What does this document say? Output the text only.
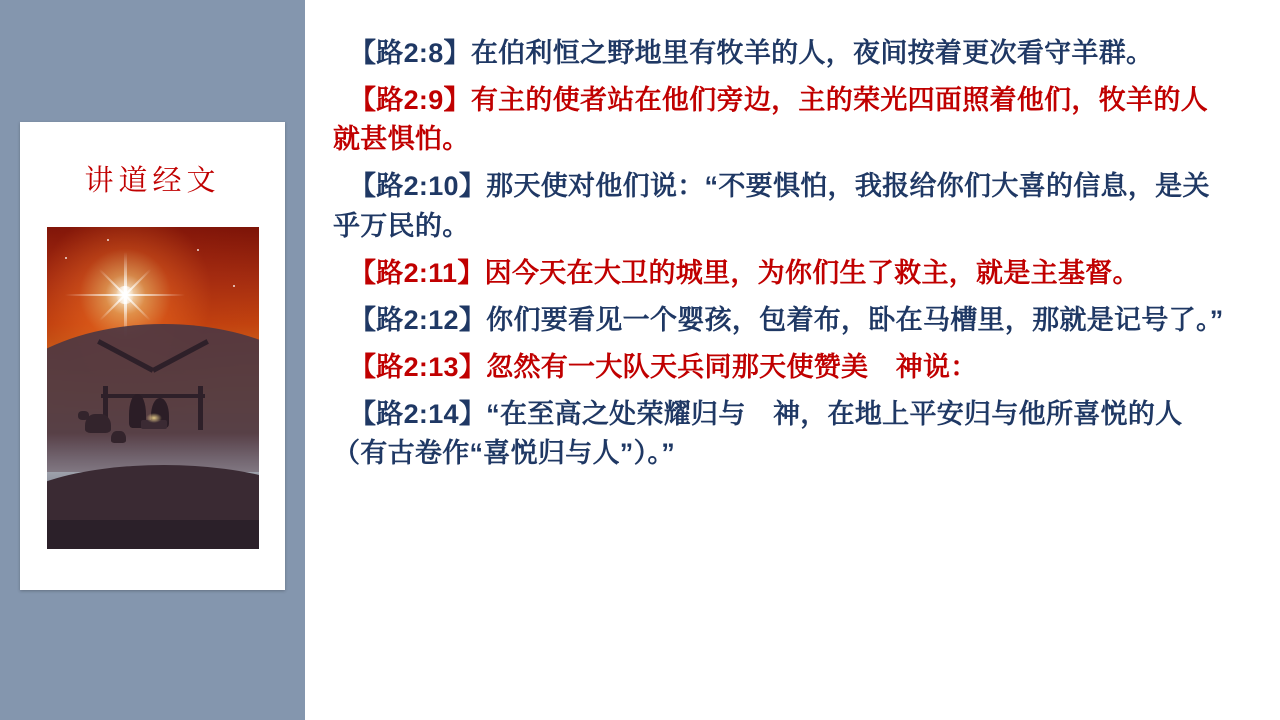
讲道经文

【路2:8】在伯利恒之野地里有牧羊的人，夜间按着更次看守羊群。

【路2:9】有主的使者站在他们旁边，主的荣光四面照着他们，牧羊的人就甚惧怕。

【路2:10】那天使对他们说：“不要惧怕，我报给你们大喜的信息，是关乎万民的。

【路2:11】因今天在大卫的城里，为你们生了救主，就是主基督。

【路2:12】你们要看见一个婴孩，包着布，卧在马槽里，那就是记号了。”

【路2:13】忽然有一大队天兵同那天使赞美　神说：

【路2:14】“在至高之处荣耀归与　神，在地上平安归与他所喜悦的人（有古卷作“喜悦归与人”）。”
